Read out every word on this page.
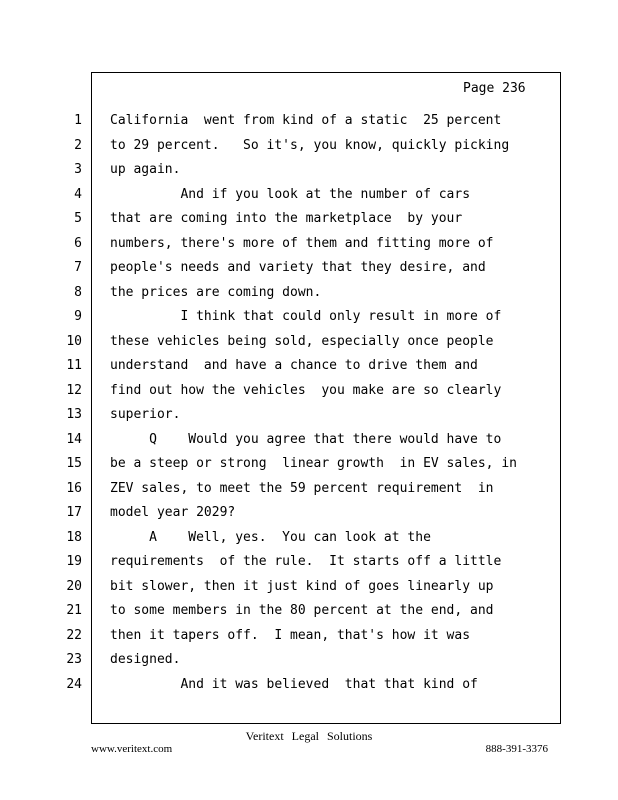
Page 236
1 California  went from kind of a static  25 percent
2 to 29 percent.   So it's, you know, quickly picking
3 up again.
4 And if you look at the number of cars
5 that are coming into the marketplace  by your
6 numbers, there's more of them and fitting more of
7 people's needs and variety that they desire, and
8 the prices are coming down.
9 I think that could only result in more of
10 these vehicles being sold, especially once people
11 understand  and have a chance to drive them and
12 find out how the vehicles  you make are so clearly
13 superior.
14 Q    Would you agree that there would have to
15 be a steep or strong  linear growth  in EV sales, in
16 ZEV sales, to meet the 59 percent requirement  in
17 model year 2029?
18 A    Well, yes.  You can look at the
19 requirements  of the rule.  It starts off a little
20 bit slower, then it just kind of goes linearly up
21 to some members in the 80 percent at the end, and
22 then it tapers off.  I mean, that's how it was
23 designed.
24 And it was believed  that that kind of
Veritext Legal Solutions
www.veritext.com	888-391-3376
